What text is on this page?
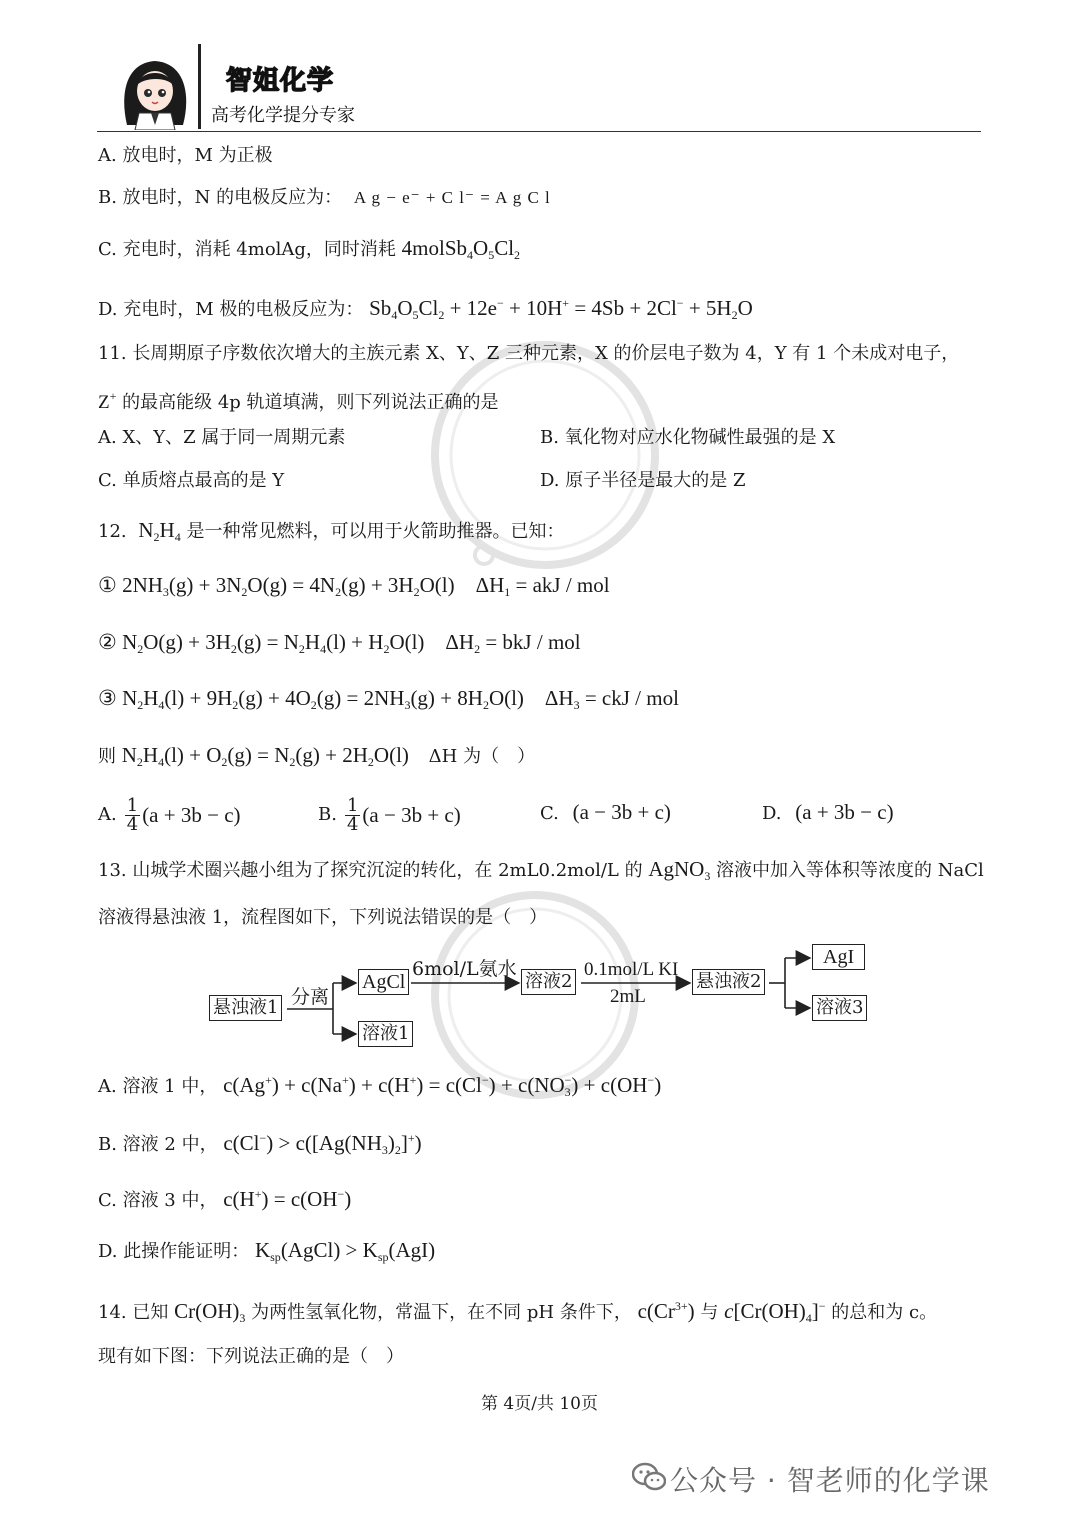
智姐化学
高考化学提分专家
A. 放电时，M 为正极
B. 放电时，N 的电极反应为： A g − e⁻ + C l⁻ = A g C l
C. 充电时，消耗 4molAg，同时消耗 $4molSb_4O_5Cl_2$
D. 充电时，M 极的电极反应为： $Sb_4O_5Cl_2 + 12e^- + 10H^+ = 4Sb + 2Cl^- + 5H_2O$
11. 长周期原子序数依次增大的主族元素 X、Y、Z 三种元素，X 的价层电子数为 4，Y 有 1 个未成对电子，
Z+ 的最高能级 4p 轨道填满，则下列说法正确的是
A. X、Y、Z 属于同一周期元素	B. 氧化物对应水化物碱性最强的是 X
C. 单质熔点最高的是 Y	D. 原子半径是最大的是 Z
12. $N_2H_4$ 是一种常见燃料，可以用于火箭助推器。已知：
① $2NH_3(g) + 3N_2O(g) = 4N_2(g) + 3H_2O(l)$    $\Delta H_1$ = akJ / mol
② $N_2O(g) + 3H_2(g) = N_2H_4(l) + H_2O(l)$    $\Delta H_2$ = bkJ / mol
③ $N_2H_4(l) + 9H_2(g) + 4O_2(g) = 2NH_3(g) + 8H_2O(l)$    $\Delta H_3$ = ckJ / mol
则 $N_2H_4(l) + O_2(g) = N_2(g) + 2H_2O(l)$ ΔH 为（　）
A. $\frac{1}{4} (a + 3b - c)$	B. $\frac{1}{4} (a - 3b + c)$	C. (a − 3b + c)	D. (a + 3b − c)
13. 山城学术圈兴趣小组为了探究沉淀的转化，在 2mL0.2mol/L 的 AgNO$_3$ 溶液中加入等体积等浓度的 NaCl
溶液得悬浊液 1，流程图如下，下列说法错误的是（　）
悬浊液1 分离
AgCl
溶液1
6mol/L氨水
溶液2
0.1mol/L KI
2mL
悬浊液2
AgI
溶液3
A. 溶液 1 中， $c(Ag^+) + c(Na^+) + c(H^+) = c(Cl^-) + c(NO_3^-) + c(OH^-)$
B. 溶液 2 中， $c(Cl^-) > c([Ag(NH_3)_2]^+)$
C. 溶液 3 中， c(H+) = c(OH−)
D. 此操作能证明： $K_{sp}(AgCl) > K_{sp}(AgI)$
14. 已知 $Cr(OH)_3$ 为两性氢氧化物，常温下，在不同 pH 条件下， $c(Cr^{3+})$ 与 $c[Cr(OH)_4]^-$ 的总和为 c。
现有如下图：下列说法正确的是（　）
第 4页/共 10页
公众号 · 智老师的化学课
